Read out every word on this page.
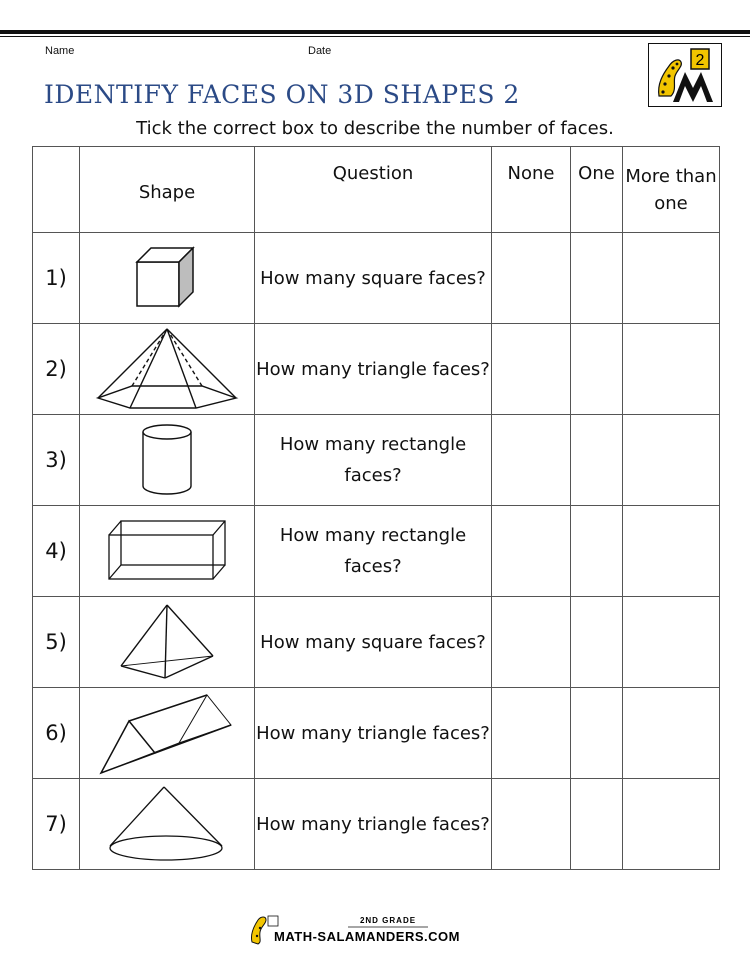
Name	Date
2
IDENTIFY FACES ON 3D SHAPES 2
Tick the correct box to describe the number of faces.
	Shape	Question	None	One	More than one
1)		How many square faces?			
2)		How many triangle faces?			
3)		How many rectangle faces?			
4)		How many rectangle faces?			
5)		How many square faces?			
6)		How many triangle faces?			
7)		How many triangle faces?			
2ND GRADE
MATH-SALAMANDERS.COM
